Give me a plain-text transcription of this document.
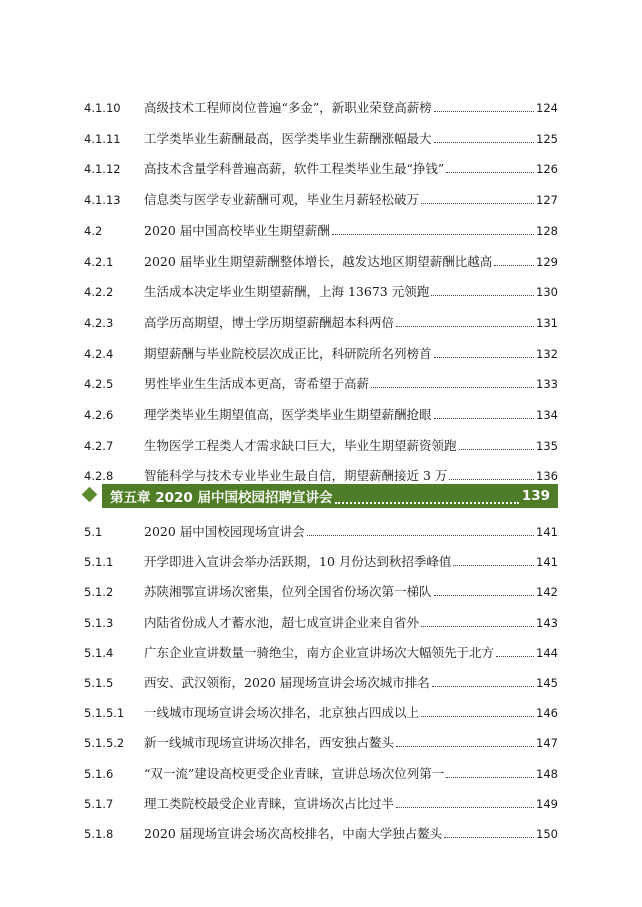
4.1.10	高级技术工程师岗位普遍“多金”，新职业荣登高薪榜	124
4.1.11	工学类毕业生薪酬最高，医学类毕业生薪酬涨幅最大	125
4.1.12	高技术含量学科普遍高薪，软件工程类毕业生最“挣钱”	126
4.1.13	信息类与医学专业薪酬可观，毕业生月薪轻松破万	127
4.2	2020 届中国高校毕业生期望薪酬	128
4.2.1	2020 届毕业生期望薪酬整体增长，越发达地区期望薪酬比越高	129
4.2.2	生活成本决定毕业生期望薪酬，上海 13673 元领跑	130
4.2.3	高学历高期望，博士学历期望薪酬超本科两倍	131
4.2.4	期望薪酬与毕业院校层次成正比，科研院所名列榜首	132
4.2.5	男性毕业生生活成本更高，寄希望于高薪	133
4.2.6	理学类毕业生期望值高，医学类毕业生期望薪酬抢眼	134
4.2.7	生物医学工程类人才需求缺口巨大，毕业生期望薪资领跑	135
4.2.8	智能科学与技术专业毕业生最自信，期望薪酬接近 3 万	136
第五章 2020 届中国校园招聘宣讲会	139
5.1	2020 届中国校园现场宣讲会	141
5.1.1	开学即进入宣讲会举办活跃期，10 月份达到秋招季峰值	141
5.1.2	苏陕湘鄂宣讲场次密集，位列全国省份场次第一梯队	142
5.1.3	内陆省份成人才蓄水池，超七成宣讲企业来自省外	143
5.1.4	广东企业宣讲数量一骑绝尘，南方企业宣讲场次大幅领先于北方	144
5.1.5	西安、武汉领衔，2020 届现场宣讲会场次城市排名	145
5.1.5.1	一线城市现场宣讲会场次排名，北京独占四成以上	146
5.1.5.2	新一线城市现场宣讲场次排名，西安独占鳌头	147
5.1.6	“双一流”建设高校更受企业青睐，宣讲总场次位列第一	148
5.1.7	理工类院校最受企业青睐，宣讲场次占比过半	149
5.1.8	2020 届现场宣讲会场次高校排名，中南大学独占鳌头	150
